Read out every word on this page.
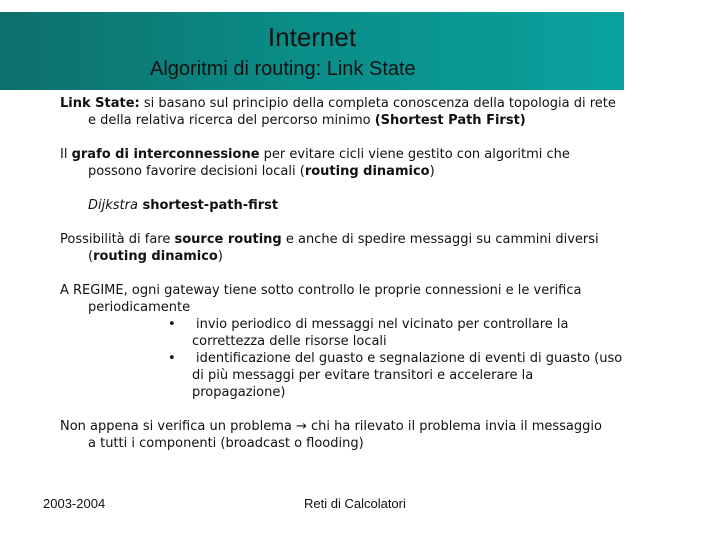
Internet
Algoritmi di routing: Link State

Link State: si basano sul principio della completa conoscenza della topologia di rete
e della relativa ricerca del percorso minimo (Shortest Path First)

Il grafo di interconnessione per evitare cicli viene gestito con algoritmi che
possono favorire decisioni locali (routing dinamico)

Dijkstra shortest-path-first

Possibilità di fare source routing e anche di spedire messaggi su cammini diversi
(routing dinamico)

A REGIME, ogni gateway tiene sotto controllo le proprie connessioni e le verifica
periodicamente

• invio periodico di messaggi nel vicinato per controllare la
correttezza delle risorse locali
• identificazione del guasto e segnalazione di eventi di guasto (uso
di più messaggi per evitare transitori e accelerare la
propagazione)

Non appena si verifica un problema → chi ha rilevato il problema invia il messaggio
a tutti i componenti (broadcast o flooding)

2003-2004	Reti di Calcolatori
